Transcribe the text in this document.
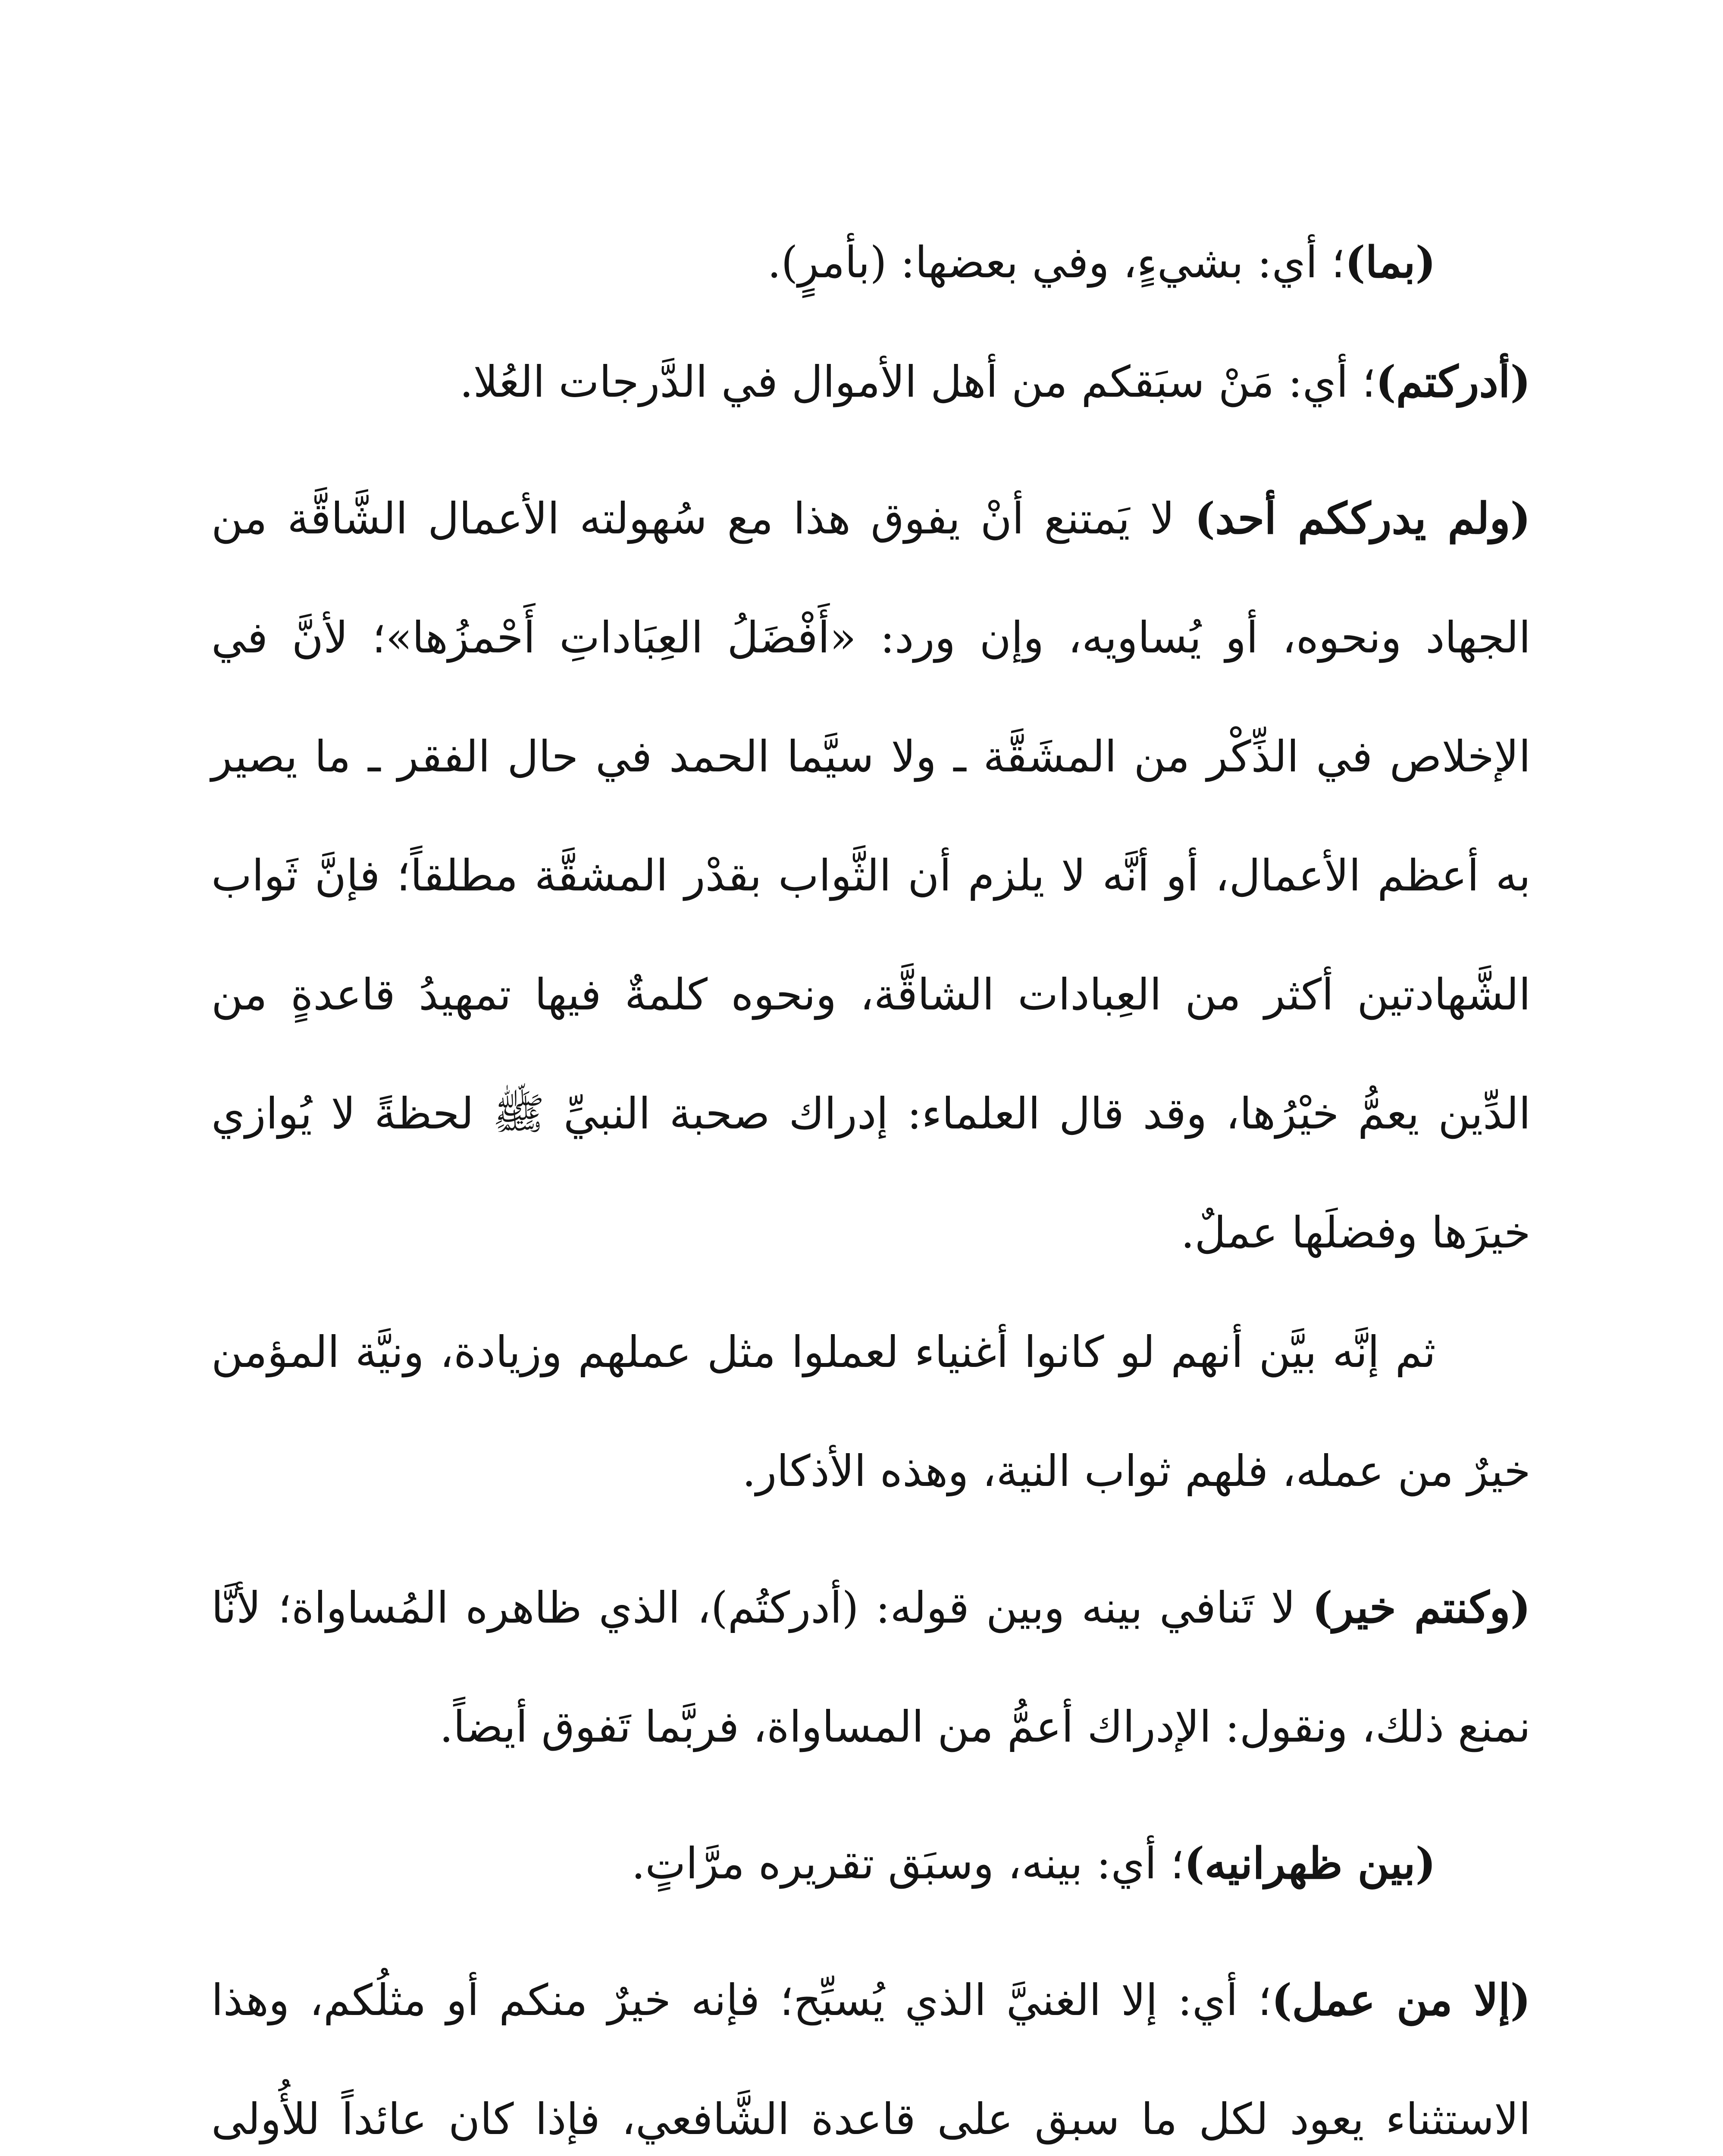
(بما)؛ أي: بشيءٍ، وفي بعضها: (بأمرٍ).

(أدركتم)؛ أي: مَنْ سبَقكم من أهل الأموال في الدَّرجات العُلا.

(ولم يدرككم أحد) لا يَمتنع أنْ يفوق هذا مع سُهولته الأعمال الشَّاقَّة من الجهاد ونحوه، أو يُساويه، وإن ورد: «أَفْضَلُ العِبَاداتِ أَحْمزُها»؛ لأنَّ في الإخلاص في الذِّكْر من المشَقَّة ـ ولا سيَّما الحمد في حال الفقر ـ ما يصير به أعظم الأعمال، أو أنَّه لا يلزم أن الثَّواب بقدْر المشقَّة مطلقاً؛ فإنَّ ثَواب الشَّهادتين أكثر من العِبادات الشاقَّة، ونحوه كلمةٌ فيها تمهيدُ قاعدةٍ من الدِّين يعمُّ خيْرُها، وقد قال العلماء: إدراك صحبة النبيِّ ﷺ لحظةً لا يُوازي خيرَها وفضلَها عملٌ.

ثم إنَّه بيَّن أنهم لو كانوا أغنياء لعملوا مثل عملهم وزيادة، ونيَّة المؤمن خيرٌ من عمله، فلهم ثواب النية، وهذه الأذكار.

(وكنتم خير) لا تَنافي بينه وبين قوله: (أدركتُم)، الذي ظاهره المُساواة؛ لأنَّا نمنع ذلك، ونقول: الإدراك أعمُّ من المساواة، فربَّما تَفوق أيضاً.

(بين ظهرانيه)؛ أي: بينه، وسبَق تقريره مرَّاتٍ.

(إلا من عمل)؛ أي: إلا الغنيَّ الذي يُسبِّح؛ فإنه خيرٌ منكم أو مثلُكم، وهذا الاستثناء يعود لكل ما سبق على قاعدة الشَّافعي، فإذا كان عائداً للأُولى
